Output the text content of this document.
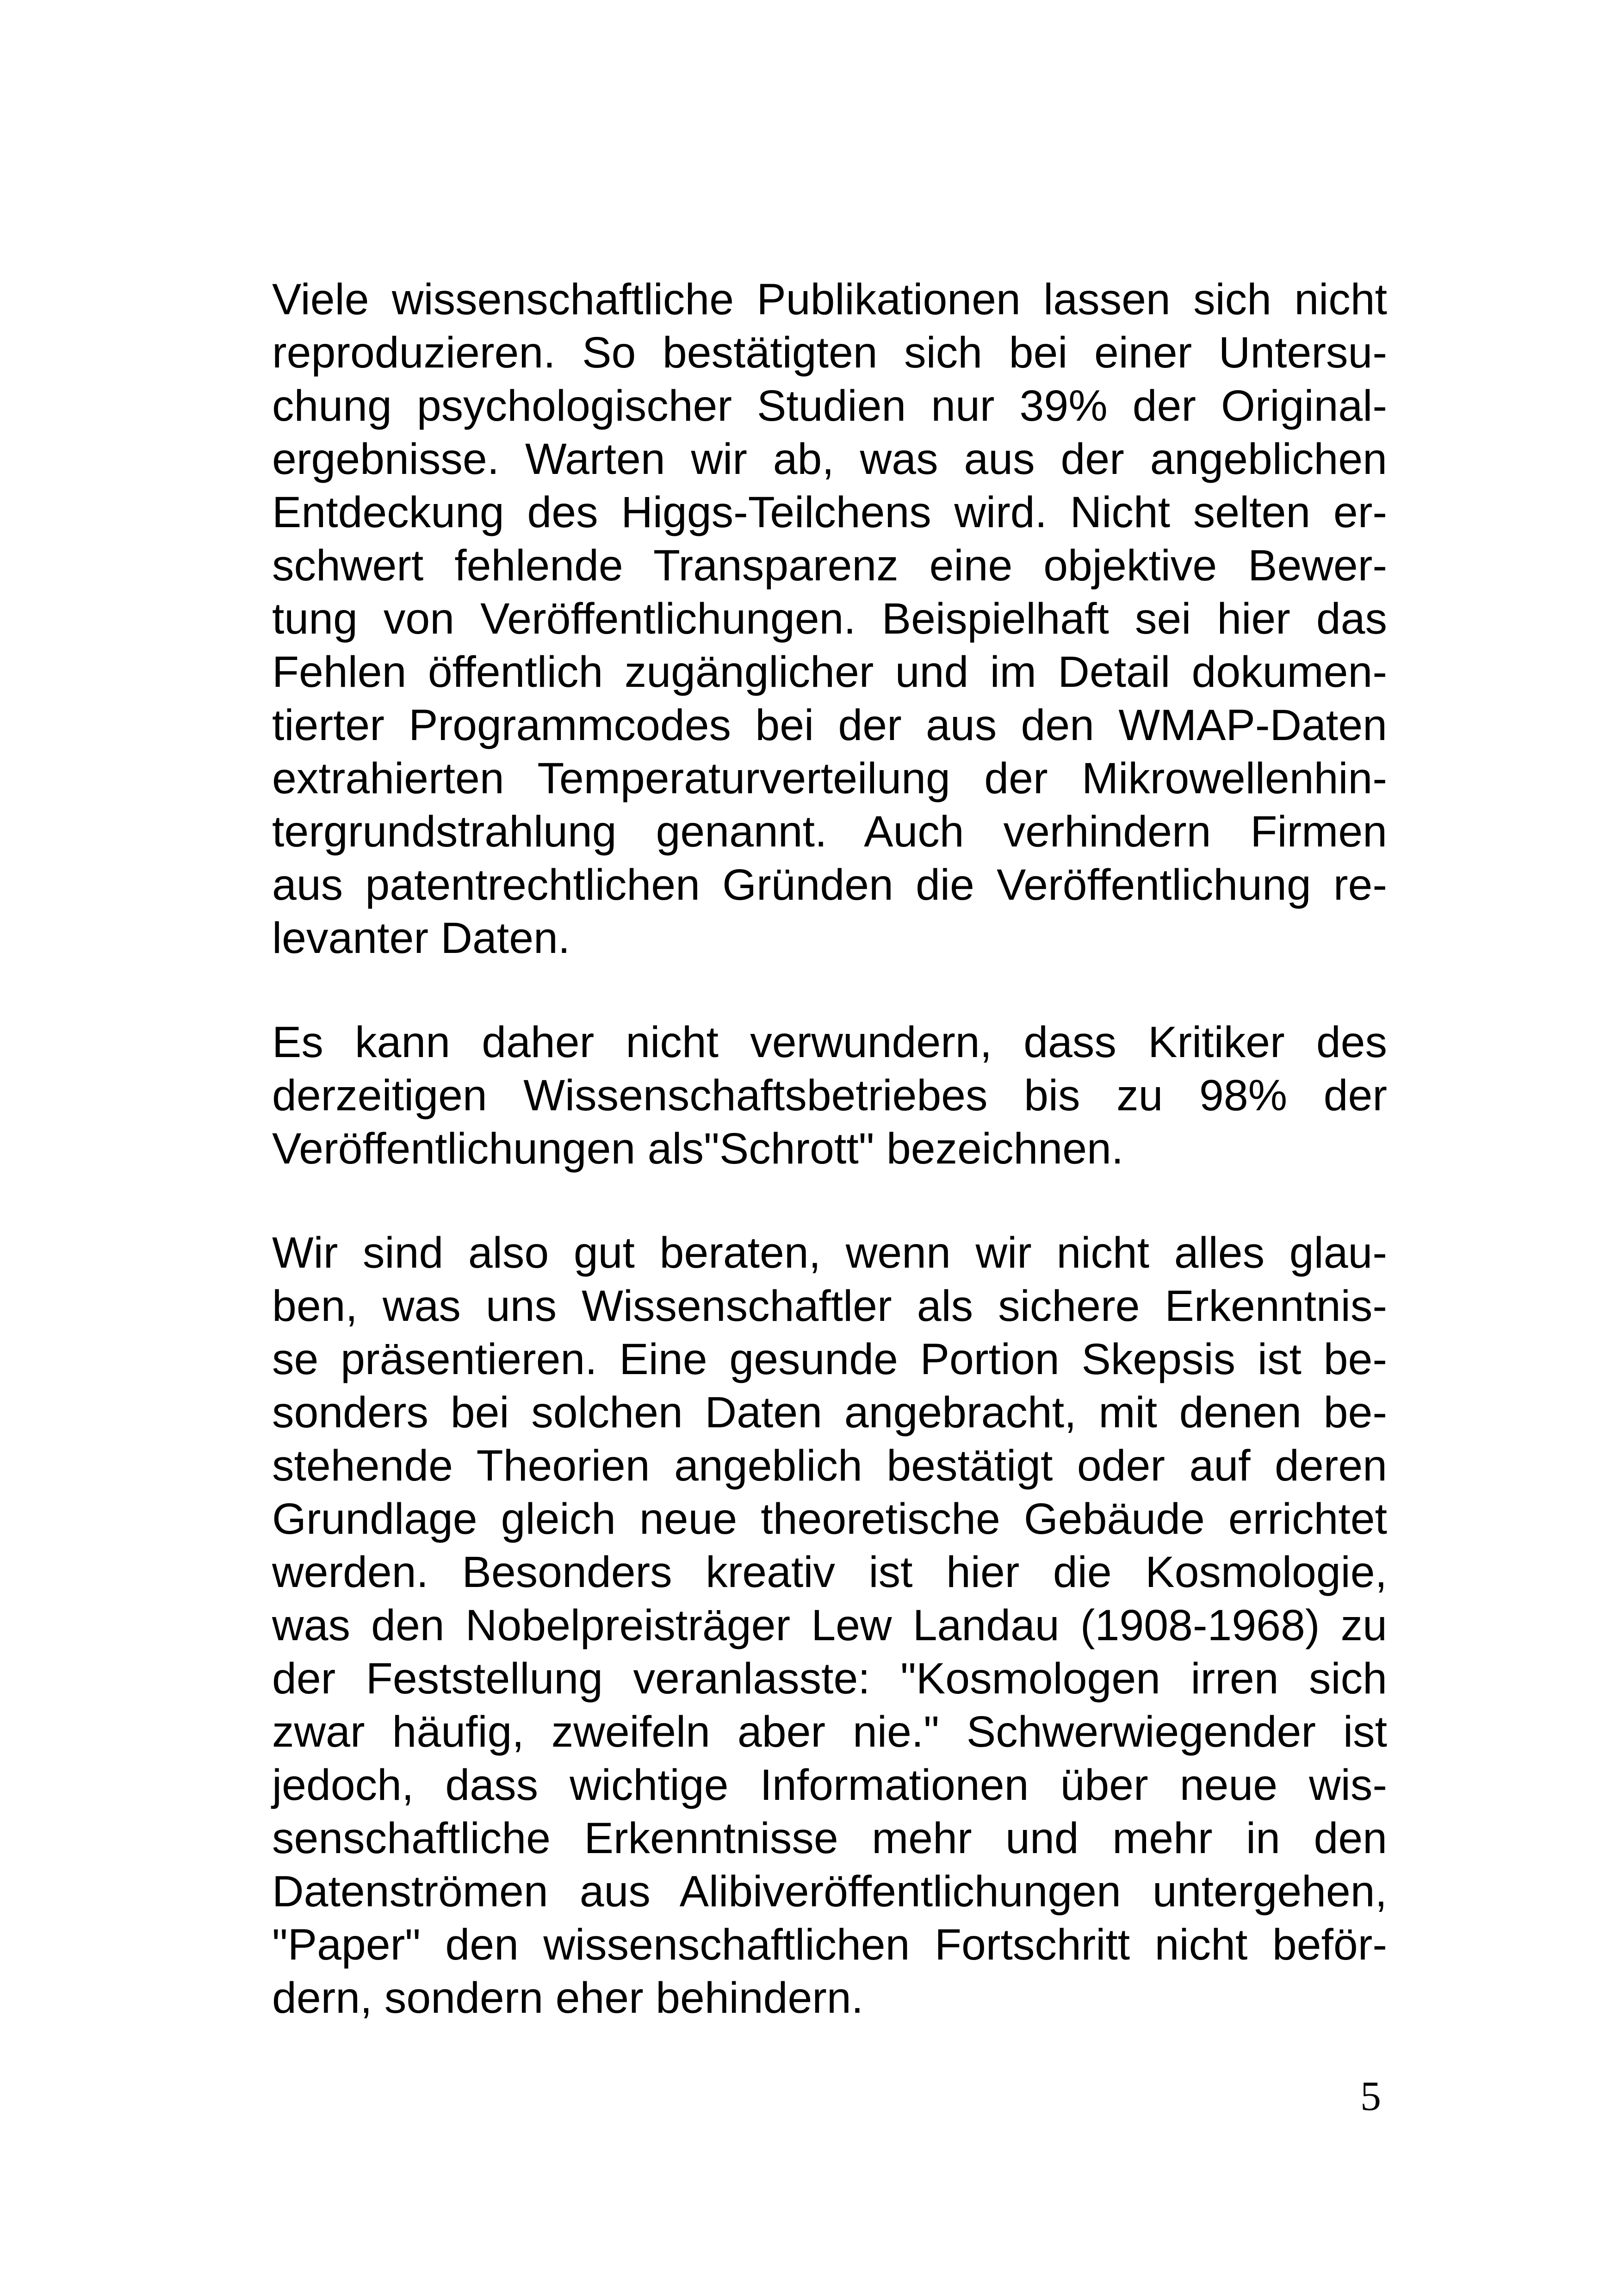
Viele wissenschaftliche Publikationen lassen sich nicht
reproduzieren. So bestätigten sich bei einer Untersu-
chung psychologischer Studien nur 39% der Original-
ergebnisse. Warten wir ab, was aus der angeblichen
Entdeckung des Higgs-Teilchens wird. Nicht selten er-
schwert fehlende Transparenz eine objektive Bewer-
tung von Veröffentlichungen. Beispielhaft sei hier das
Fehlen öffentlich zugänglicher und im Detail dokumen-
tierter Programmcodes bei der aus den WMAP-Daten
extrahierten Temperaturverteilung der Mikrowellenhin-
tergrundstrahlung genannt. Auch verhindern Firmen
aus patentrechtlichen Gründen die Veröffentlichung re-
levanter Daten.
Es kann daher nicht verwundern, dass Kritiker des
derzeitigen Wissenschaftsbetriebes bis zu 98% der
Veröffentlichungen als"Schrott" bezeichnen.
Wir sind also gut beraten, wenn wir nicht alles glau-
ben, was uns Wissenschaftler als sichere Erkenntnis-
se präsentieren. Eine gesunde Portion Skepsis ist be-
sonders bei solchen Daten angebracht, mit denen be-
stehende Theorien angeblich bestätigt oder auf deren
Grundlage gleich neue theoretische Gebäude errichtet
werden. Besonders kreativ ist hier die Kosmologie,
was den Nobelpreisträger Lew Landau (1908-1968) zu
der Feststellung veranlasste: "Kosmologen irren sich
zwar häufig, zweifeln aber nie." Schwerwiegender ist
jedoch, dass wichtige Informationen über neue wis-
senschaftliche Erkenntnisse mehr und mehr in den
Datenströmen aus Alibiveröffentlichungen untergehen,
"Paper" den wissenschaftlichen Fortschritt nicht beför-
dern, sondern eher behindern.
5
